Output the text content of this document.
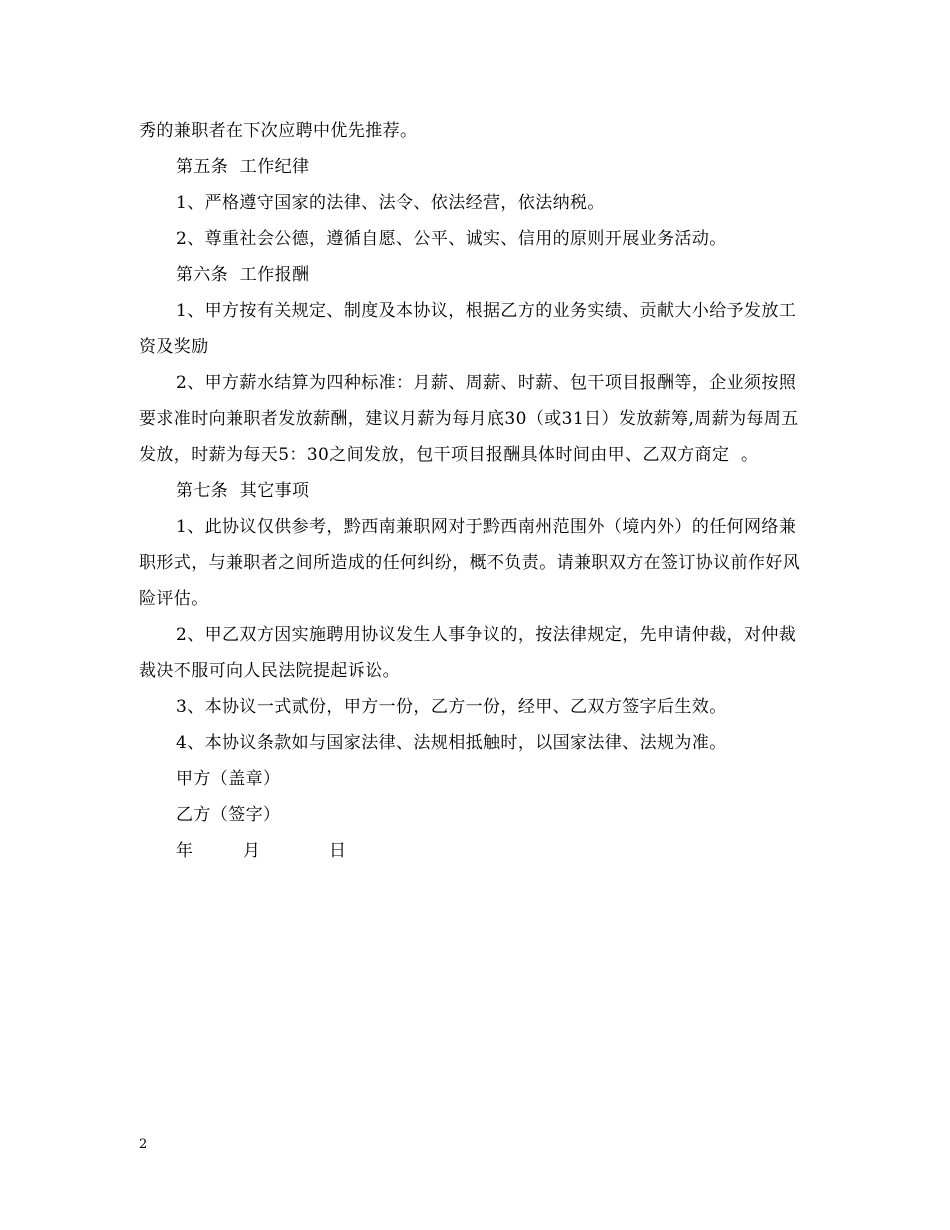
秀的兼职者在下次应聘中优先推荐。

第五条  工作纪律

1、严格遵守国家的法律、法令、依法经营，依法纳税。

2、尊重社会公德，遵循自愿、公平、诚实、信用的原则开展业务活动。

第六条  工作报酬

1、甲方按有关规定、制度及本协议，根据乙方的业务实绩、贡献大小给予发放工资及奖励

2、甲方薪水结算为四种标准：月薪、周薪、时薪、包干项目报酬等，企业须按照要求准时向兼职者发放薪酬，建议月薪为每月底30（或31日）发放薪筹,周薪为每周五发放，时薪为每天5：30之间发放，包干项目报酬具体时间由甲、乙双方商定  。

第七条  其它事项

1、此协议仅供参考，黔西南兼职网对于黔西南州范围外（境内外）的任何网络兼职形式，与兼职者之间所造成的任何纠纷，概不负责。请兼职双方在签订协议前作好风险评估。

2、甲乙双方因实施聘用协议发生人事争议的，按法律规定，先申请仲裁，对仲裁裁决不服可向人民法院提起诉讼。

3、本协议一式贰份，甲方一份，乙方一份，经甲、乙双方签字后生效。

4、本协议条款如与国家法律、法规相抵触时，以国家法律、法规为准。

甲方（盖章）

乙方（签字）

年	月	日
2
